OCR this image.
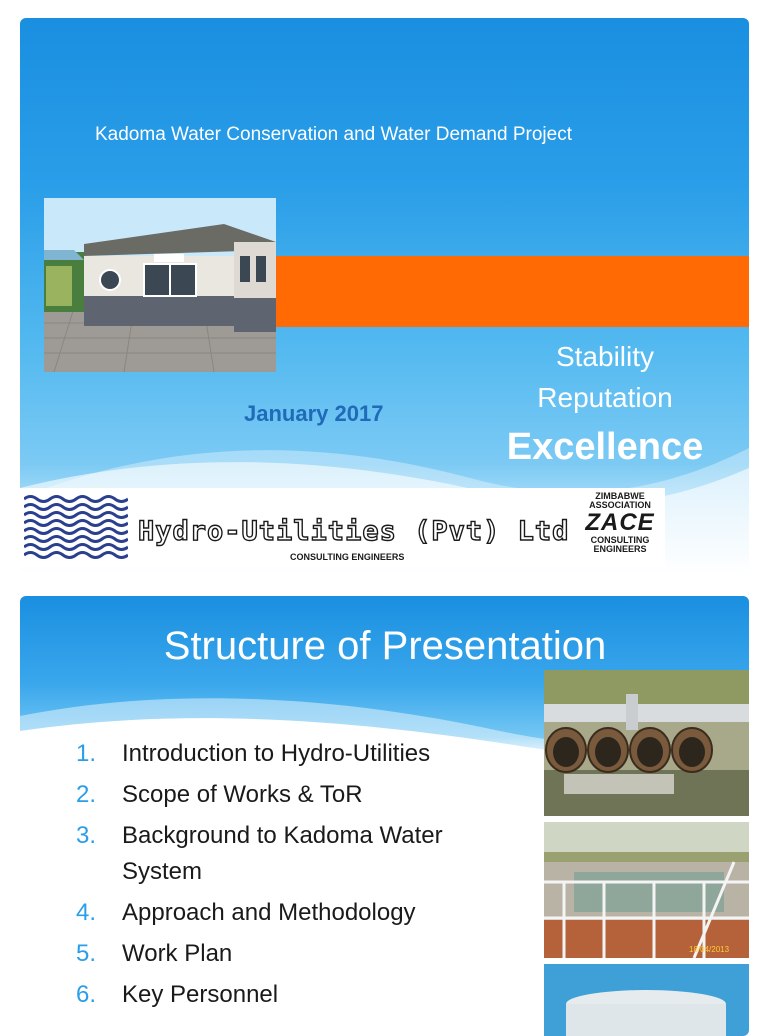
Kadoma Water Conservation and Water Demand Project
Stability
Reputation
Excellence
January 2017
Hydro-Utilities (Pvt) Ltd
CONSULTING ENGINEERS
ZIMBABWE ASSOCIATION
ZACE
CONSULTING ENGINEERS
Structure of Presentation
1. Introduction to Hydro-Utilities
2. Scope of Works & ToR
3. Background to Kadoma Water System
4. Approach and Methodology
5. Work Plan
6. Key Personnel
18/04/2013
